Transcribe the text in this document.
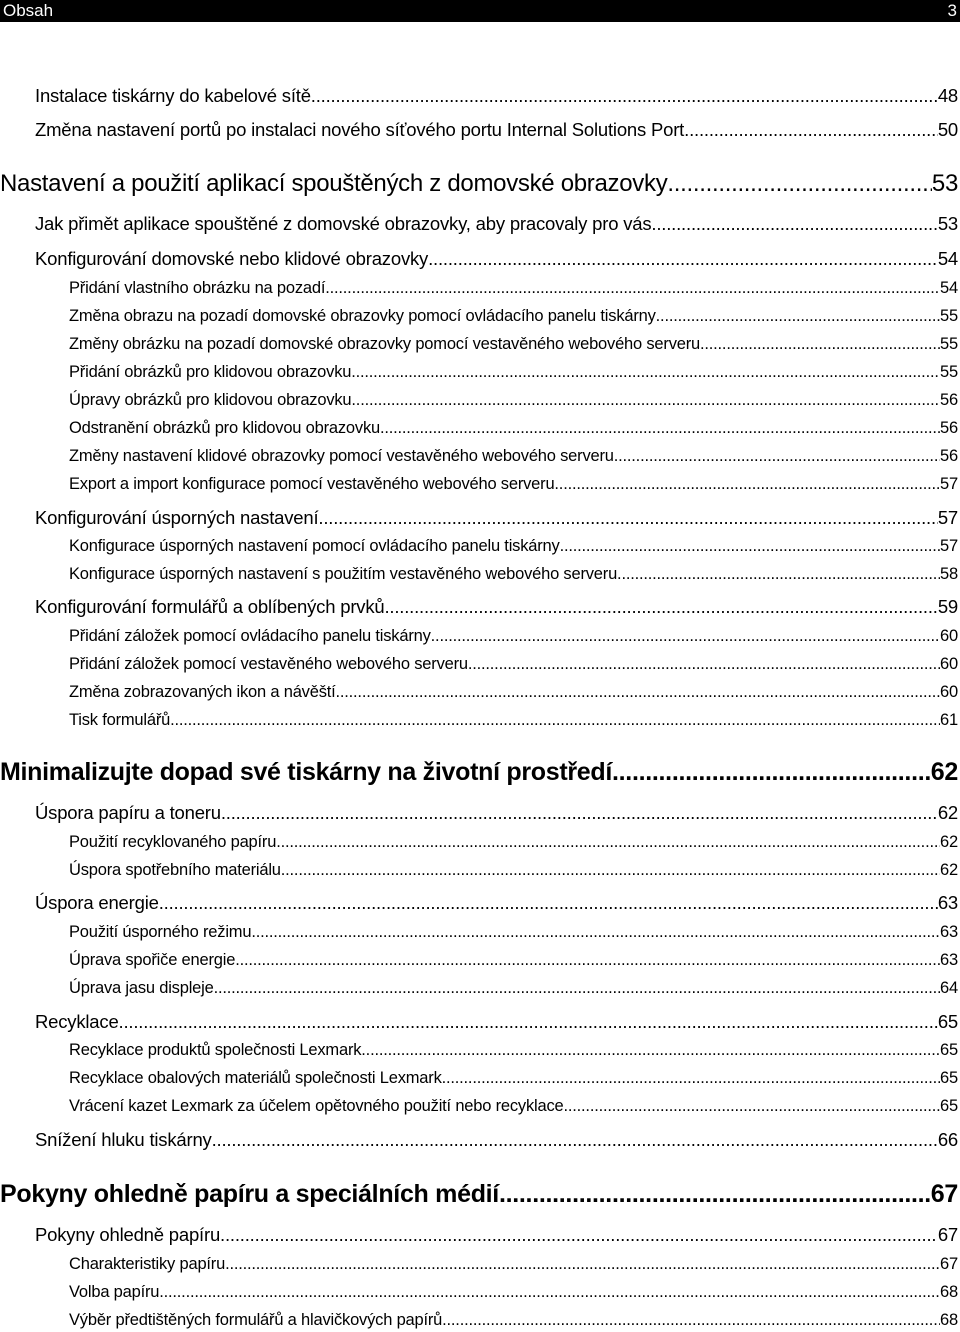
Obsah	3
Instalace tiskárny do kabelové sítě .....	48
Změna nastavení portů po instalaci nového síťového portu Internal Solutions Port .....	50
Nastavení a použití aplikací spouštěných z domovské obrazovky .....	53
Jak přimět aplikace spouštěné z domovské obrazovky, aby pracovaly pro vás .....	53
Konfigurování domovské nebo klidové obrazovky .....	54
Přidání vlastního obrázku na pozadí .....	54
Změna obrazu na pozadí domovské obrazovky pomocí ovládacího panelu tiskárny .....	55
Změny obrázku na pozadí domovské obrazovky pomocí vestavěného webového serveru .....	55
Přidání obrázků pro klidovou obrazovku .....	55
Úpravy obrázků pro klidovou obrazovku .....	56
Odstranění obrázků pro klidovou obrazovku .....	56
Změny nastavení klidové obrazovky pomocí vestavěného webového serveru .....	56
Export a import konfigurace pomocí vestavěného webového serveru .....	57
Konfigurování úsporných nastavení .....	57
Konfigurace úsporných nastavení pomocí ovládacího panelu tiskárny .....	57
Konfigurace úsporných nastavení s použitím vestavěného webového serveru. .....	58
Konfigurování formulářů a oblíbených prvků .....	59
Přidání záložek pomocí ovládacího panelu tiskárny .....	60
Přidání záložek pomocí vestavěného webového serveru .....	60
Změna zobrazovaných ikon a návěští .....	60
Tisk formulářů .....	61
Minimalizujte dopad své tiskárny na životní prostředí .....	62
Úspora papíru a toneru .....	62
Použití recyklovaného papíru .....	62
Úspora spotřebního materiálu .....	62
Úspora energie .....	63
Použití úsporného režimu .....	63
Úprava spořiče energie .....	63
Úprava jasu displeje .....	64
Recyklace .....	65
Recyklace produktů společnosti Lexmark .....	65
Recyklace obalových materiálů společnosti Lexmark .....	65
Vrácení kazet Lexmark za účelem opětovného použití nebo recyklace .....	65
Snížení hluku tiskárny .....	66
Pokyny ohledně papíru a speciálních médií .....	67
Pokyny ohledně papíru .....	67
Charakteristiky papíru .....	67
Volba papíru .....	68
Výběr předtištěných formulářů a hlavičkových papírů .....	68
